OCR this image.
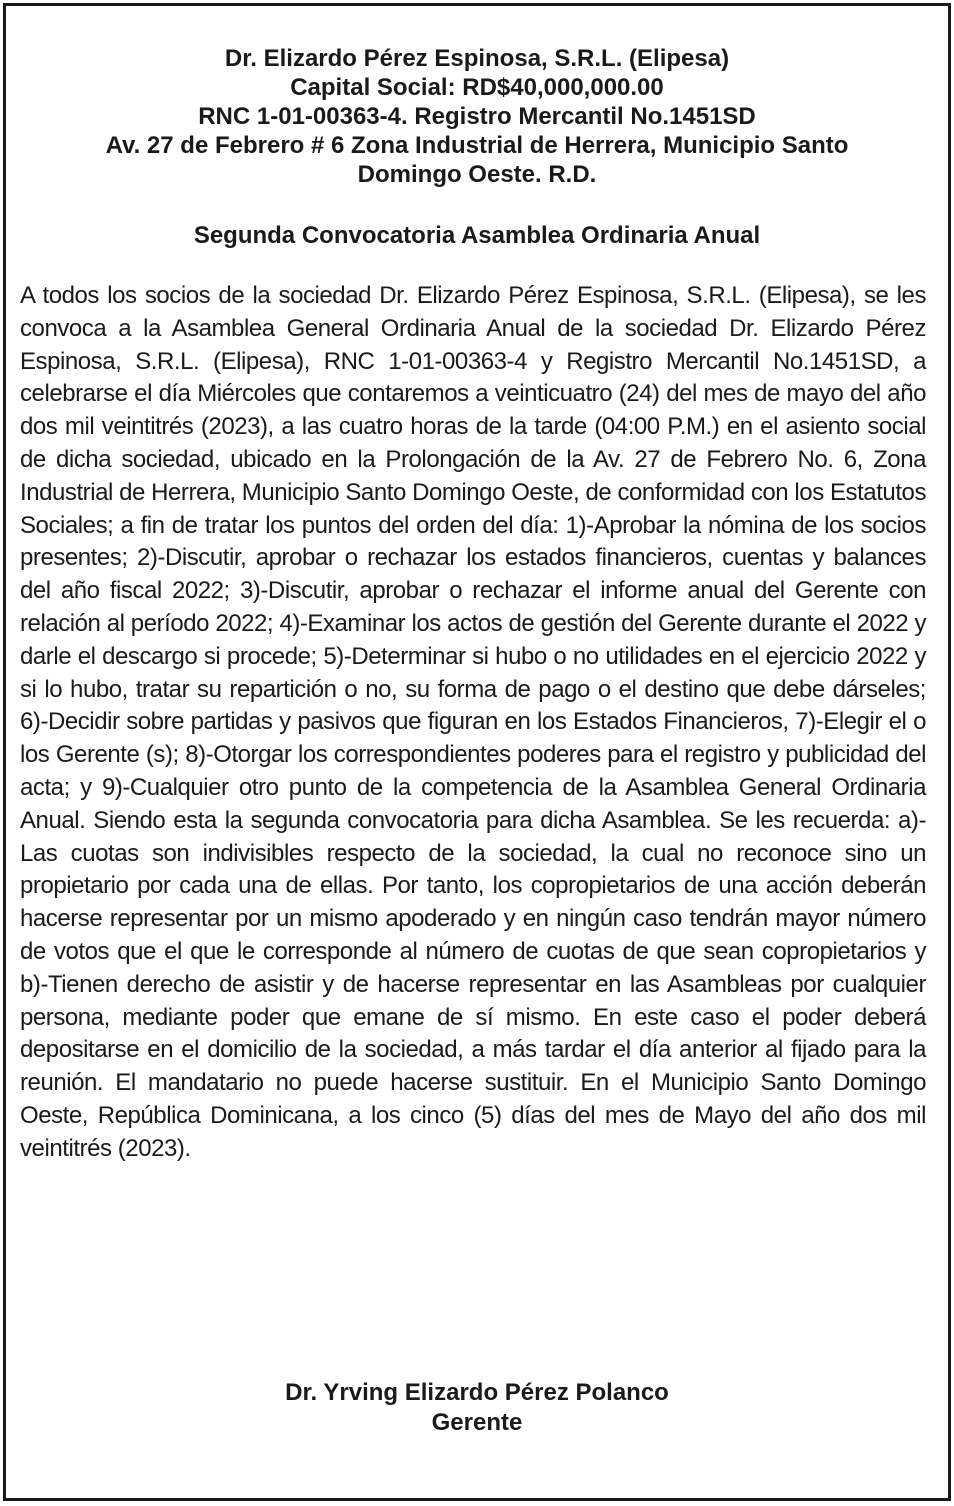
Dr. Elizardo Pérez Espinosa, S.R.L. (Elipesa)
Capital Social: RD$40,000,000.00
RNC 1-01-00363-4. Registro Mercantil No.1451SD
Av. 27 de Febrero # 6 Zona Industrial de Herrera, Municipio Santo
Domingo Oeste. R.D.
Segunda Convocatoria Asamblea Ordinaria Anual

A todos los socios de la sociedad Dr. Elizardo Pérez Espinosa, S.R.L. (Elipesa), se les convoca a la Asamblea General Ordinaria Anual de la sociedad Dr. Elizardo Pérez Espinosa, S.R.L. (Elipesa), RNC 1-01-00363-4 y Registro Mercantil No.1451SD, a celebrarse el día Miércoles que contaremos a veinticuatro (24) del mes de mayo del año dos mil veintitrés (2023), a las cuatro horas de la tarde (04:00 P.M.) en el asiento social de dicha sociedad, ubicado en la Prolongación de la Av. 27 de Febrero No. 6, Zona Industrial de Herrera, Municipio Santo Domingo Oeste, de conformidad con los Estatutos Sociales; a fin de tratar los puntos del orden del día: 1)-Aprobar la nómina de los socios presentes; 2)-Discutir, aprobar o rechazar los estados financieros, cuentas y balances del año fiscal 2022; 3)-Discutir, aprobar o rechazar el informe anual del Gerente con relación al período 2022; 4)-Examinar los actos de gestión del Gerente durante el 2022 y darle el descargo si procede; 5)-Determinar si hubo o no utilidades en el ejercicio 2022 y si lo hubo, tratar su repartición o no, su forma de pago o el destino que debe dárseles; 6)-Decidir sobre partidas y pasivos que figuran en los Estados Financieros, 7)-Elegir el o los Gerente (s); 8)-Otorgar los correspondientes poderes para el registro y publicidad del acta; y 9)-Cualquier otro punto de la competencia de la Asamblea General Ordinaria Anual. Siendo esta la segunda convocatoria para dicha Asamblea. Se les recuerda: a)-Las cuotas son indivisibles respecto de la sociedad, la cual no reconoce sino un propietario por cada una de ellas. Por tanto, los copropietarios de una acción deberán hacerse representar por un mismo apoderado y en ningún caso tendrán mayor número de votos que el que le corresponde al número de cuotas de que sean copropietarios y b)-Tienen derecho de asistir y de hacerse representar en las Asambleas por cualquier persona, mediante poder que emane de sí mismo. En este caso el poder deberá depositarse en el domicilio de la sociedad, a más tardar el día anterior al fijado para la reunión. El mandatario no puede hacerse sustituir. En el Municipio Santo Domingo Oeste, República Dominicana, a los cinco (5) días del mes de Mayo del año dos mil veintitrés (2023).

Dr. Yrving Elizardo Pérez Polanco
Gerente
